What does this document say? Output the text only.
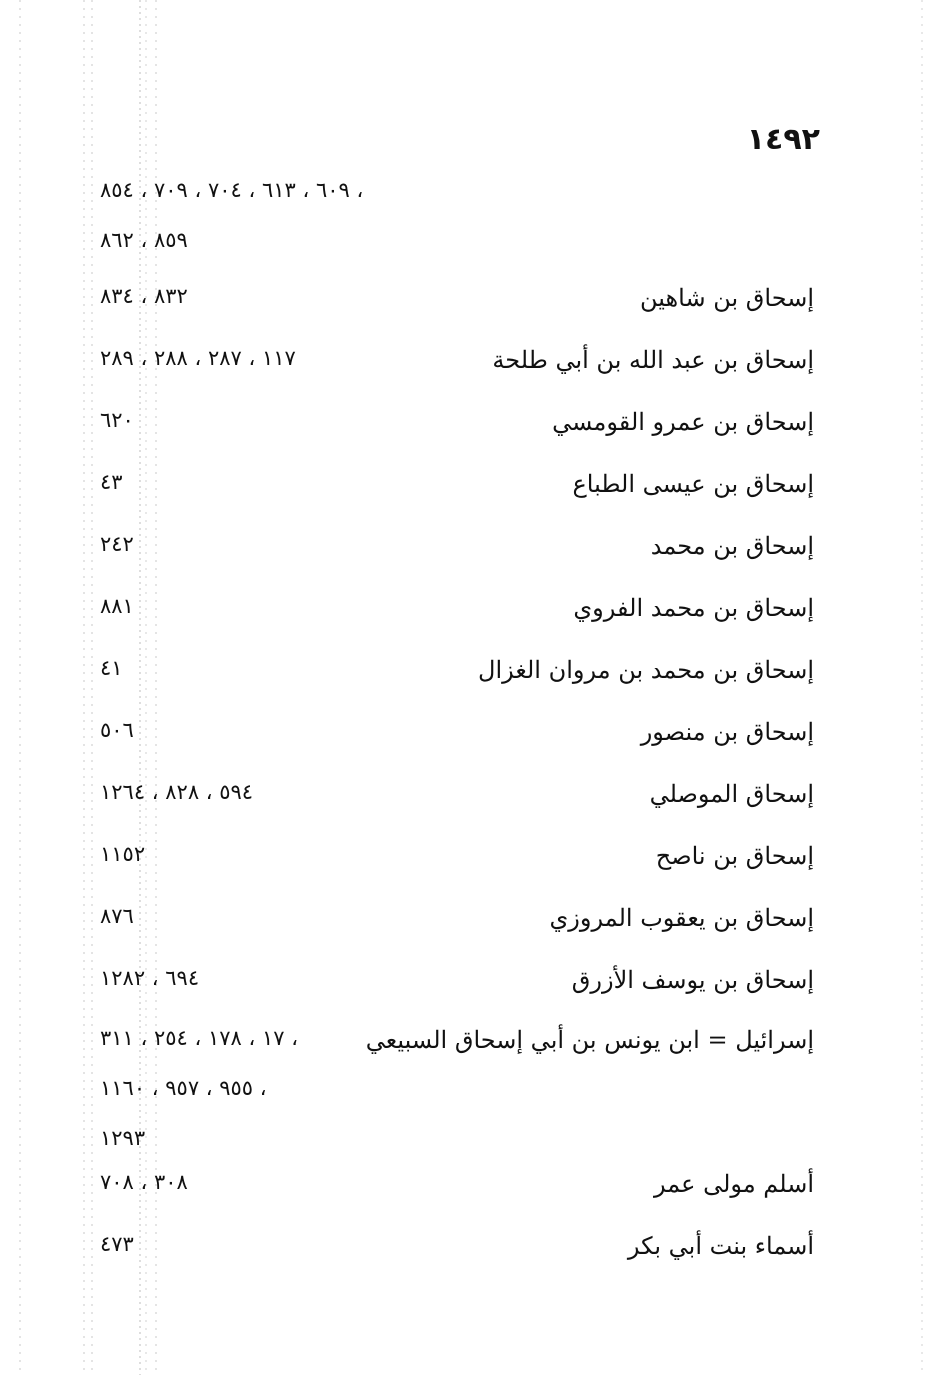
١٤٩٢
٦٠٩ ، ٦١٣ ، ٧٠٤ ، ٧٠٩ ، ٨٥٤ ،
٨٥٩ ، ٨٦٢
إسحاق بن شاهين
٨٣٢ ، ٨٣٤
إسحاق بن عبد الله بن أبي طلحة
١١٧ ، ٢٨٧ ، ٢٨٨ ، ٢٨٩
إسحاق بن عمرو القومسي
٦٢٠
إسحاق بن عيسى الطباع
٤٣
إسحاق بن محمد
٢٤٢
إسحاق بن محمد الفروي
٨٨١
إسحاق بن محمد بن مروان الغزال
٤١
إسحاق بن منصور
٥٠٦
إسحاق الموصلي
٥٩٤ ، ٨٢٨ ، ١٢٦٤
إسحاق بن ناصح
١١٥٢
إسحاق بن يعقوب المروزي
٨٧٦
إسحاق بن يوسف الأزرق
٦٩٤ ، ١٢٨٢
إسرائيل = ابن يونس بن أبي إسحاق السبيعي
١٧ ، ١٧٨ ، ٢٥٤ ، ٣١١ ،
٩٥٥ ، ٩٥٧ ، ١١٦٠ ،
١٢٩٣
أسلم مولى عمر
٣٠٨ ، ٧٠٨
أسماء بنت أبي بكر
٤٧٣
